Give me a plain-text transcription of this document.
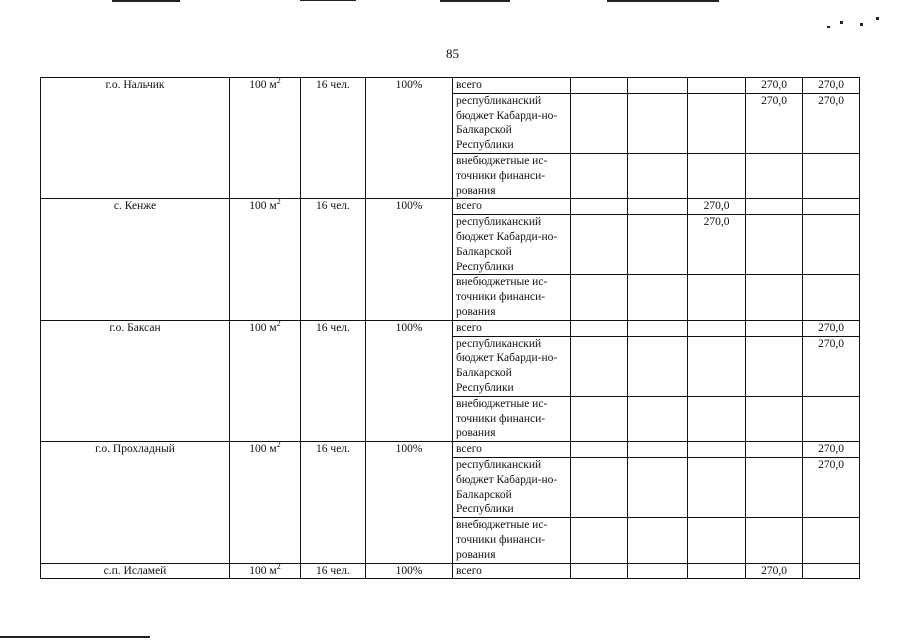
85
г.о. Нальчик	100 $м^2$	16 чел.	100%	всего				270,0	270,0
				республиканский бюджет Кабарди-но-Балкарской Республики				270,0	270,0
				внебюджетные ис-точники финанси-рования					
с. Кенже	100 $м^2$	16 чел.	100%	всего			270,0		
				республиканский бюджет Кабарди-но-Балкарской Республики			270,0		
				внебюджетные ис-точники финанси-рования					
г.о. Баксан	100 $м^2$	16 чел.	100%	всего					270,0
				республиканский бюджет Кабарди-но-Балкарской Республики					270,0
				внебюджетные ис-точники финанси-рования					
г.о. Прохладный	100 $м^2$	16 чел.	100%	всего					270,0
				республиканский бюджет Кабарди-но-Балкарской Республики					270,0
				внебюджетные ис-точники финанси-рования					
с.п. Исламей	100 $м^2$	16 чел.	100%	всего				270,0	
